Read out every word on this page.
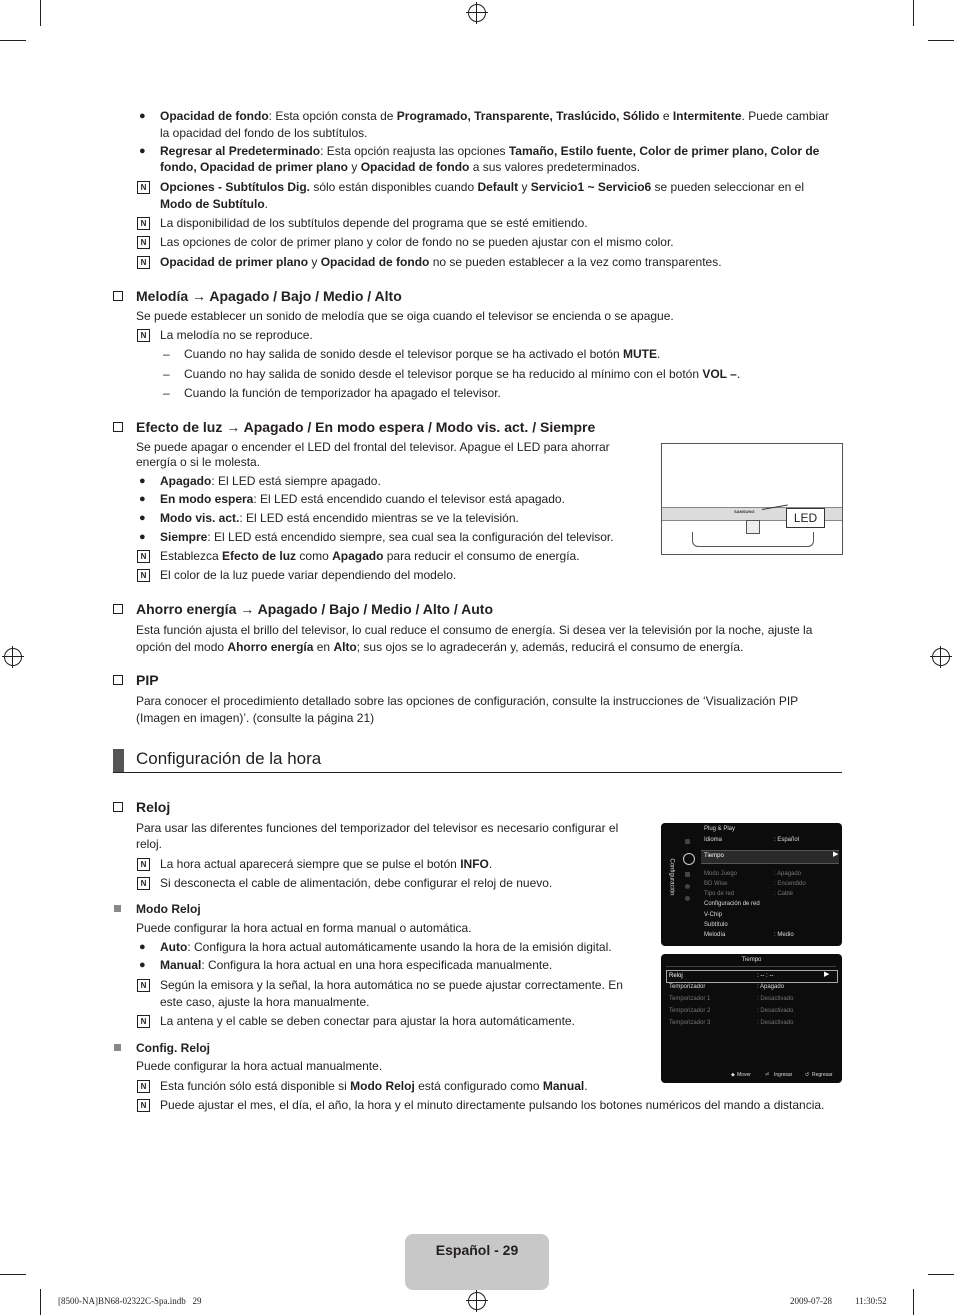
● Opacidad de fondo: Esta opción consta de Programado, Transparente, Traslúcido, Sólido e Intermitente. Puede cambiar
la opacidad del fondo de los subtítulos.
● Regresar al Predeterminado: Esta opción reajusta las opciones Tamaño, Estilo fuente, Color de primer plano, Color de
fondo, Opacidad de primer plano y Opacidad de fondo a sus valores predeterminados.
N	Opciones - Subtítulos Dig. sólo están disponibles cuando Default y Servicio1 ~ Servicio6 se pueden seleccionar en el
Modo de Subtítulo.
N	La disponibilidad de los subtítulos depende del programa que se esté emitiendo.
N	Las opciones de color de primer plano y color de fondo no se pueden ajustar con el mismo color.
N	Opacidad de primer plano y Opacidad de fondo no se pueden establecer a la vez como transparentes.
Melodía → Apagado / Bajo / Medio / Alto
Se puede establecer un sonido de melodía que se oiga cuando el televisor se encienda o se apague.
N	La melodía no se reproduce.
– Cuando no hay salida de sonido desde el televisor porque se ha activado el botón MUTE.
– Cuando no hay salida de sonido desde el televisor porque se ha reducido al mínimo con el botón VOL –.
– Cuando la función de temporizador ha apagado el televisor.
Efecto de luz → Apagado / En modo espera / Modo vis. act. / Siempre
Se puede apagar o encender el LED del frontal del televisor. Apague el LED para ahorrar
energía o si le molesta.
● Apagado: El LED está siempre apagado.
● En modo espera: El LED está encendido cuando el televisor está apagado.
● Modo vis. act.: El LED está encendido mientras se ve la televisión.
● Siempre: El LED está encendido siempre, sea cual sea la configuración del televisor.
N	Establezca Efecto de luz como Apagado para reducir el consumo de energía.
N	El color de la luz puede variar dependiendo del modelo.
SAMSUNG	LED
Ahorro energía → Apagado / Bajo / Medio / Alto / Auto
Esta función ajusta el brillo del televisor, lo cual reduce el consumo de energía. Si desea ver la televisión por la noche, ajuste la
opción del modo Ahorro energía en Alto; sus ojos se lo agradecerán y, además, reducirá el consumo de energía.
PIP
Para conocer el procedimiento detallado sobre las opciones de configuración, consulte la instrucciones de ‘Visualización PIP
(Imagen en imagen)’. (consulte la página 21)
Configuración de la hora
Reloj
Para usar las diferentes funciones del temporizador del televisor es necesario configurar el
reloj.
N	La hora actual aparecerá siempre que se pulse el botón INFO.
N	Si desconecta el cable de alimentación, debe configurar el reloj de nuevo.
Modo Reloj
Puede configurar la hora actual en forma manual o automática.
● Auto: Configura la hora actual automáticamente usando la hora de la emisión digital.
● Manual: Configura la hora actual en una hora especificada manualmente.
N	Según la emisora y la señal, la hora automática no se puede ajustar correctamente. En
este caso, ajuste la hora manualmente.
N	La antena y el cable se deben conectar para ajustar la hora automáticamente.
Config. Reloj
Puede configurar la hora actual manualmente.
N	Esta función sólo está disponible si Modo Reloj está configurado como Manual.
N	Puede ajustar el mes, el día, el año, la hora y el minuto directamente pulsando los botones numéricos del mando a distancia.
Configuración
Plug & Play
Idioma	: Español
Tiempo	▶
Modo Juego	: Apagado
BD Wise	: Encendido
Tipo de red	: Cable
Configuración de red
V-Chip
Subtítulo
Melodía	: Medio
Tiempo
Reloj	: -- : --	▶
Temporizador	: Apagado
Temporizador 1	: Desactivado
Temporizador 2	: Desactivado
Temporizador 3	: Desactivado
◆ Mover	⏎ Ingresar	↺ Regresar
Español - 29
[8500-NA]BN68-02322C-Spa.indb   29	2009-07-28   ￿￿ 11:30:52
